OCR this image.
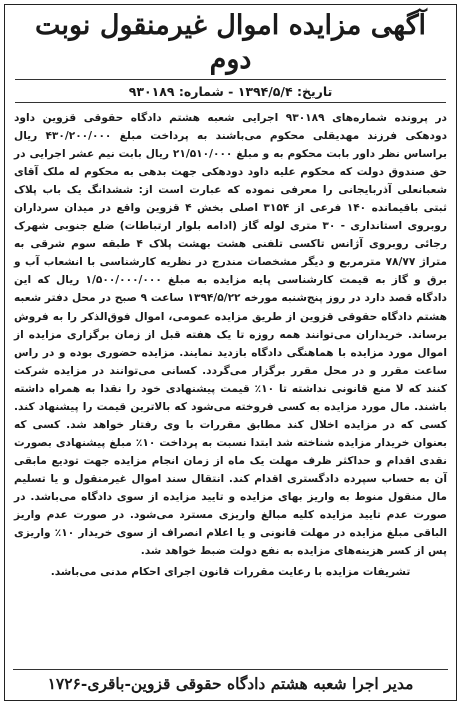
آگهی مزایده اموال غیرمنقول نوبت دوم
تاریخ: ۱۳۹۴/۵/۴ - شماره: ۹۳۰۱۸۹
در پرونده شماره‌های ۹۳۰۱۸۹ اجرایی شعبه هشتم دادگاه حقوقی قزوین داود دودهکی فرزند مهدیقلی محکوم می‌باشند به پرداخت مبلغ ۴۳۰/۲۰۰/۰۰۰ ریال براساس نظر داور بابت محکوم به و مبلغ ۲۱/۵۱۰/۰۰۰ ریال بابت نیم عشر اجرایی در حق صندوق دولت که محکوم علیه داود دودهکی جهت بدهی به محکوم له ملک آقای شعبانعلی آذربایجانی را معرفی نموده که عبارت است از: ششدانگ یک باب پلاک ثبتی باقیمانده ۱۴۰ فرعی از ۳۱۵۴ اصلی بخش ۴ قزوین واقع در میدان سرداران روبروی استانداری - ۳۰ متری لوله گاز (ادامه بلوار ارتباطات) ضلع جنوبی شهرک رجائی روبروی آژانس تاکسی تلفنی هشت بهشت پلاک ۴ طبقه سوم شرقی به متراژ ۷۸/۷۷ مترمربع و دیگر مشخصات مندرج در نظریه کارشناسی با انشعاب آب و برق و گاز به قیمت کارشناسی پایه مزایده به مبلغ ۱/۵۰۰/۰۰۰/۰۰۰ ریال که این دادگاه قصد دارد در روز پنج‌شنبه مورخه ۱۳۹۴/۵/۲۲ ساعت ۹ صبح در محل دفتر شعبه هشتم دادگاه حقوقی قزوین از طریق مزایده عمومی، اموال فوق‌الذکر را به فروش برساند. خریداران می‌توانند همه روزه تا یک هفته قبل از زمان برگزاری مزایده از اموال مورد مزایده با هماهنگی دادگاه بازدید نمایند. مزایده حضوری بوده و در راس ساعت مقرر و در محل مقرر برگزار می‌گردد. کسانی می‌توانند در مزایده شرکت کنند که لا منع قانونی نداشته تا ۱۰٪ قیمت پیشنهادی خود را نقدا به همراه داشته باشند. مال مورد مزایده به کسی فروخته می‌شود که بالاترین قیمت را پیشنهاد کند. کسی که در مزایده اخلال کند مطابق مقررات با وی رفتار خواهد شد. کسی که بعنوان خریدار مزایده شناخته شد ابتدا نسبت به پرداخت ۱۰٪ مبلغ پیشنهادی بصورت نقدی اقدام و حداکثر ظرف مهلت یک ماه از زمان انجام مزایده جهت تودیع مابقی آن به حساب سپرده دادگستری اقدام کند. انتقال سند اموال غیرمنقول و یا تسلیم مال منقول منوط به واریز بهای مزایده و تایید مزایده از سوی دادگاه می‌باشد. در صورت عدم تایید مزایده کلیه مبالغ واریزی مسترد می‌شود. در صورت عدم واریز الباقی مبلغ مزایده در مهلت قانونی و یا اعلام انصراف از سوی خریدار ۱۰٪ واریزی پس از کسر هزینه‌های مزایده به نفع دولت ضبط خواهد شد.
تشریفات مزایده با رعایت مقررات قانون اجرای احکام مدنی می‌باشد.
مدیر اجرا شعبه هشتم دادگاه حقوقی قزوین-باقری-۱۷۲۶
